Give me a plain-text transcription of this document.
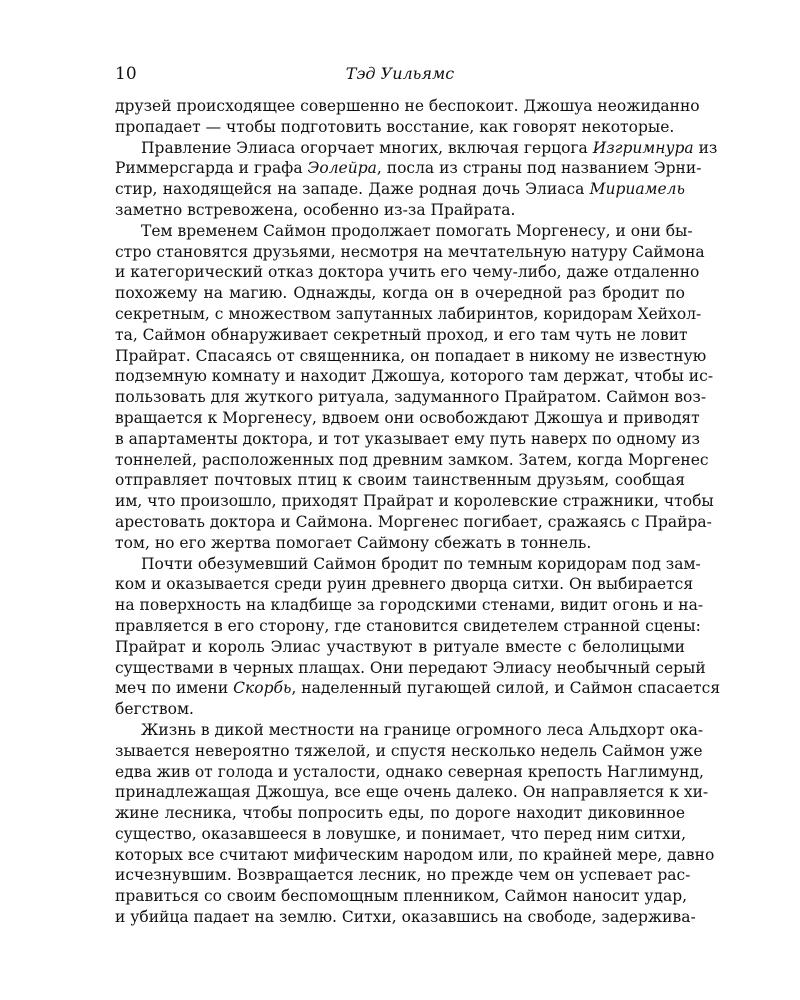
10	Тэд Уильямс
друзей происходящее совершенно не беспокоит. Джошуа неожиданно
пропадает — чтобы подготовить восстание, как говорят некоторые.
Правление Элиаса огорчает многих, включая герцога Изгримнура из
Риммерсгарда и графа Эолейра, посла из страны под названием Эрни-
стир, находящейся на западе. Даже родная дочь Элиаса Мириамель
заметно встревожена, особенно из-за Прайрата.
Тем временем Саймон продолжает помогать Моргенесу, и они бы-
стро становятся друзьями, несмотря на мечтательную натуру Саймона
и категорический отказ доктора учить его чему-либо, даже отдаленно
похожему на магию. Однажды, когда он в очередной раз бродит по
секретным, с множеством запутанных лабиринтов, коридорам Хейхол-
та, Саймон обнаруживает секретный проход, и его там чуть не ловит
Прайрат. Спасаясь от священника, он попадает в никому не известную
подземную комнату и находит Джошуа, которого там держат, чтобы ис-
пользовать для жуткого ритуала, задуманного Прайратом. Саймон воз-
вращается к Моргенесу, вдвоем они освобождают Джошуа и приводят
в апартаменты доктора, и тот указывает ему путь наверх по одному из
тоннелей, расположенных под древним замком. Затем, когда Моргенес
отправляет почтовых птиц к своим таинственным друзьям, сообщая
им, что произошло, приходят Прайрат и королевские стражники, чтобы
арестовать доктора и Саймона. Моргенес погибает, сражаясь с Прайра-
том, но его жертва помогает Саймону сбежать в тоннель.
Почти обезумевший Саймон бродит по темным коридорам под зам-
ком и оказывается среди руин древнего дворца ситхи. Он выбирается
на поверхность на кладбище за городскими стенами, видит огонь и на-
правляется в его сторону, где становится свидетелем странной сцены:
Прайрат и король Элиас участвуют в ритуале вместе с белолицыми
существами в черных плащах. Они передают Элиасу необычный серый
меч по имени Скорбь, наделенный пугающей силой, и Саймон спасается
бегством.
Жизнь в дикой местности на границе огромного леса Альдхорт ока-
зывается невероятно тяжелой, и спустя несколько недель Саймон уже
едва жив от голода и усталости, однако северная крепость Наглимунд,
принадлежащая Джошуа, все еще очень далеко. Он направляется к хи-
жине лесника, чтобы попросить еды, по дороге находит диковинное
существо, оказавшееся в ловушке, и понимает, что перед ним ситхи,
которых все считают мифическим народом или, по крайней мере, давно
исчезнувшим. Возвращается лесник, но прежде чем он успевает рас-
правиться со своим беспомощным пленником, Саймон наносит удар,
и убийца падает на землю. Ситхи, оказавшись на свободе, задержива-
